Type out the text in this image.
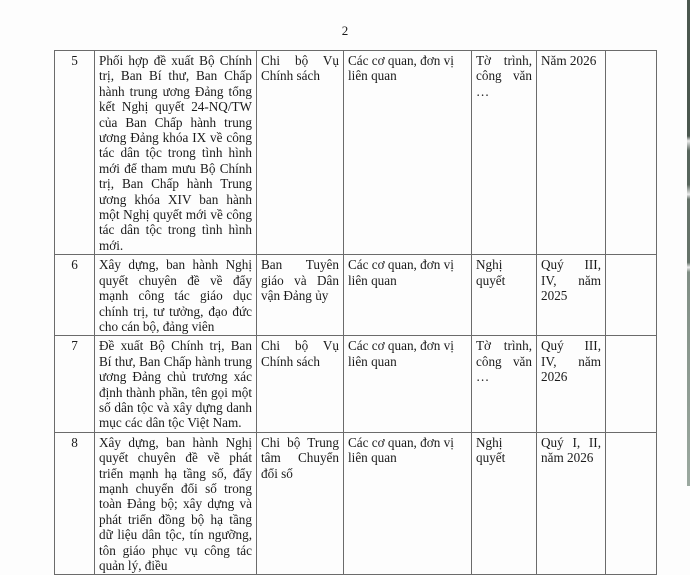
2
5	Phối hợp đề xuất Bộ Chính trị, Ban Bí thư, Ban Chấp hành trung ương Đảng tổng kết Nghị quyết 24-NQ/TW của Ban Chấp hành trung ương Đảng khóa IX về công tác dân tộc trong tình hình mới để tham mưu Bộ Chính trị, Ban Chấp hành Trung ương khóa XIV ban hành một Nghị quyết mới về công tác dân tộc trong tình hình mới.	Chi bộ Vụ Chính sách	Các cơ quan, đơn vị liên quan	Tờ trình, công văn …	Năm 2026	
6	Xây dựng, ban hành Nghị quyết chuyên đề về đẩy mạnh công tác giáo dục chính trị, tư tưởng, đạo đức cho cán bộ, đảng viên	Ban Tuyên giáo và Dân vận Đảng ủy	Các cơ quan, đơn vị liên quan	Nghị quyết	Quý III, IV, năm 2025	
7	Đề xuất Bộ Chính trị, Ban Bí thư, Ban Chấp hành trung ương Đảng chủ trương xác định thành phần, tên gọi một số dân tộc và xây dựng danh mục các dân tộc Việt Nam.	Chi bộ Vụ Chính sách	Các cơ quan, đơn vị liên quan	Tờ trình, công văn …	Quý III, IV, năm 2026	
8	Xây dựng, ban hành Nghị quyết chuyên đề về phát triển mạnh hạ tầng số, đẩy mạnh chuyển đổi số trong toàn Đảng bộ; xây dựng và phát triển đồng bộ hạ tầng dữ liệu dân tộc, tín ngưỡng, tôn giáo phục vụ công tác quản lý, điều	Chi bộ Trung tâm Chuyển đổi số	Các cơ quan, đơn vị liên quan	Nghị quyết	Quý I, II, năm 2026	
